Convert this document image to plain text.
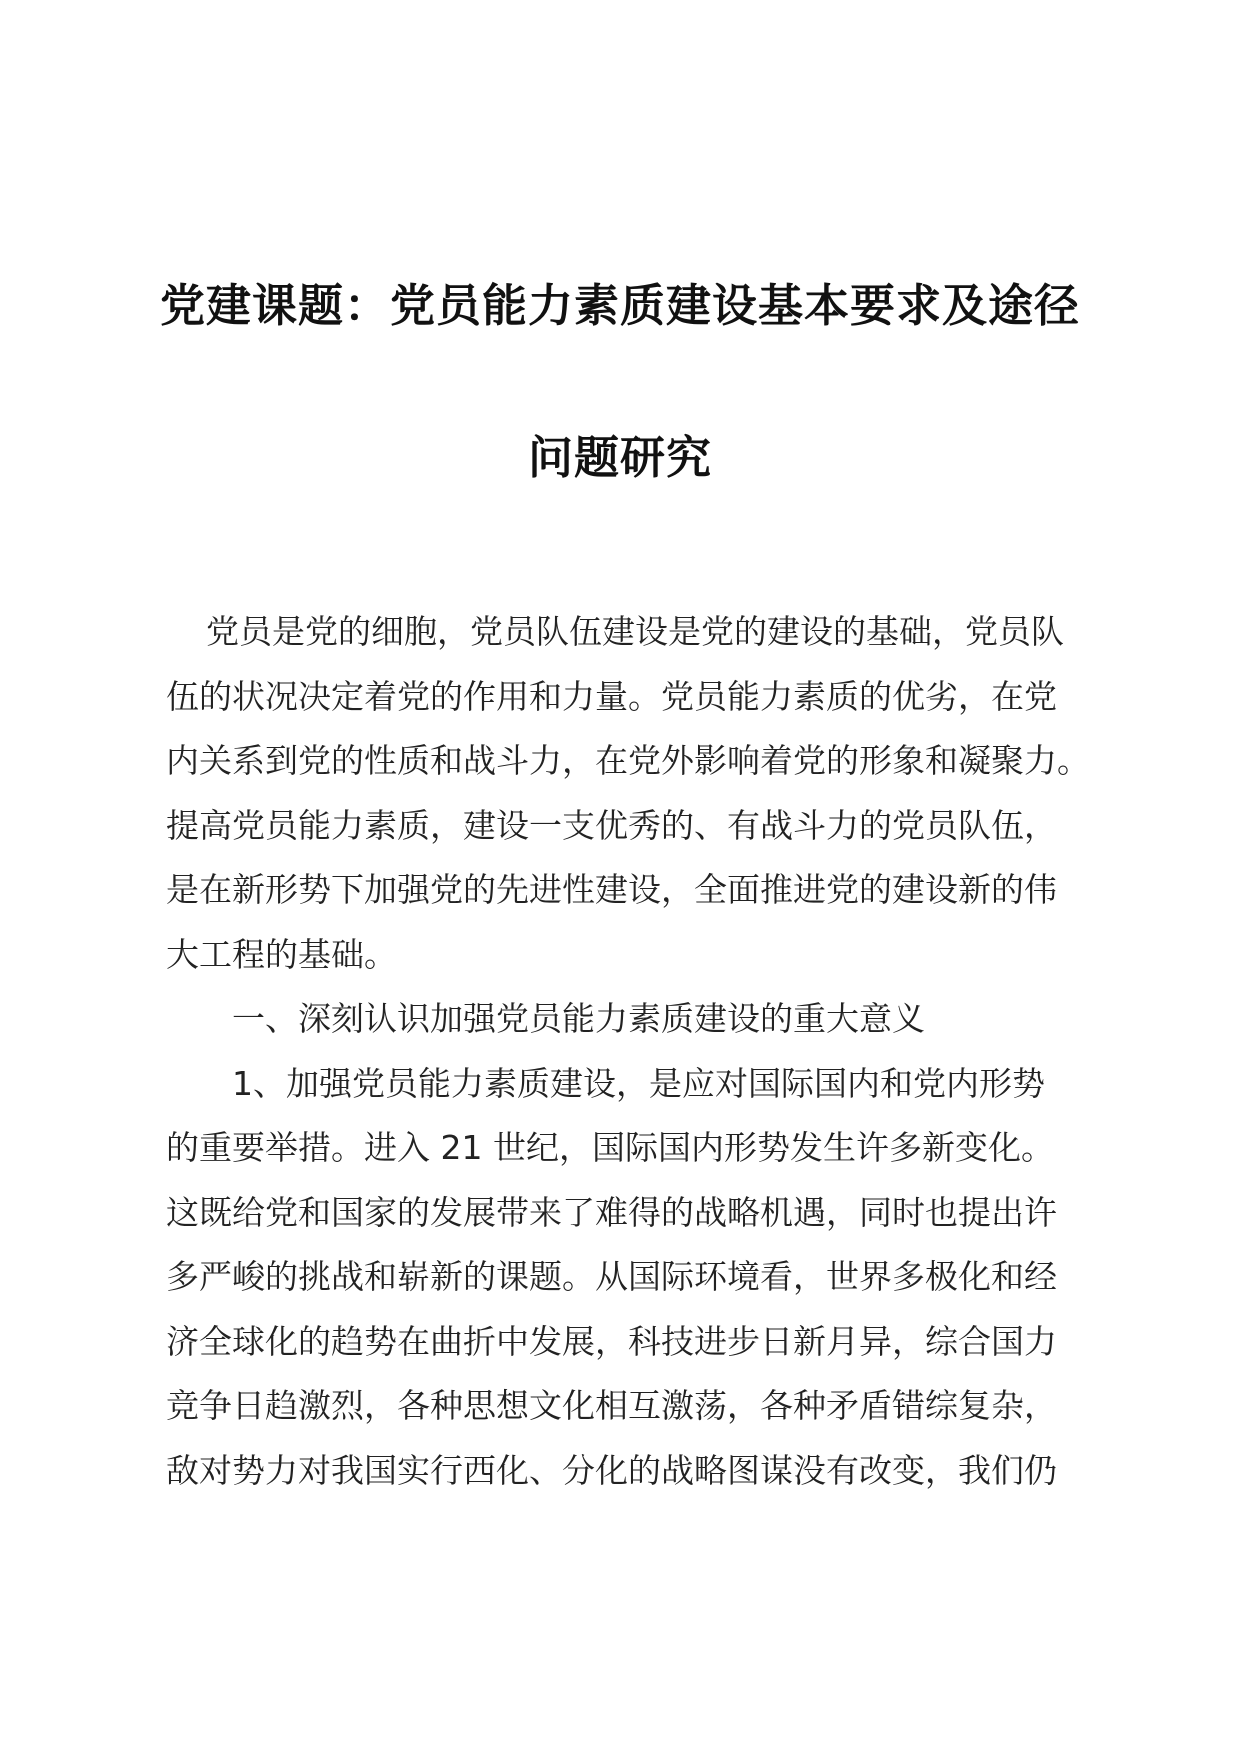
党建课题：党员能力素质建设基本要求及途径
问题研究
党员是党的细胞，党员队伍建设是党的建设的基础，党员队
伍的状况决定着党的作用和力量。党员能力素质的优劣，在党
内关系到党的性质和战斗力，在党外影响着党的形象和凝聚力。
提高党员能力素质，建设一支优秀的、有战斗力的党员队伍，
是在新形势下加强党的先进性建设，全面推进党的建设新的伟
大工程的基础。
一、深刻认识加强党员能力素质建设的重大意义
1、加强党员能力素质建设，是应对国际国内和党内形势
的重要举措。进入 21 世纪，国际国内形势发生许多新变化。
这既给党和国家的发展带来了难得的战略机遇，同时也提出许
多严峻的挑战和崭新的课题。从国际环境看，世界多极化和经
济全球化的趋势在曲折中发展，科技进步日新月异，综合国力
竞争日趋激烈，各种思想文化相互激荡，各种矛盾错综复杂，
敌对势力对我国实行西化、分化的战略图谋没有改变，我们仍
